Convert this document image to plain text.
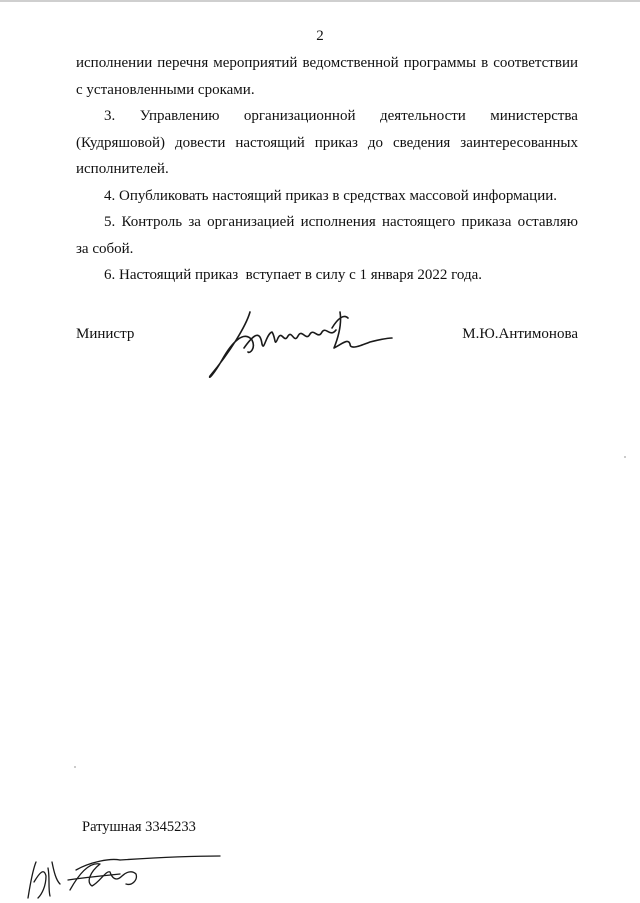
2
исполнении перечня мероприятий ведомственной программы в соответствии
с установленными сроками.
3. Управлению организационной деятельности министерства
(Кудряшовой) довести настоящий приказ до сведения заинтересованных
исполнителей.
4. Опубликовать настоящий приказ в средствах массовой информации.
5. Контроль за организацией исполнения настоящего приказа оставляю
за собой.
6. Настоящий приказ  вступает в силу с 1 января 2022 года.
Министр	М.Ю.Антимонова
Ратушная 3345233
